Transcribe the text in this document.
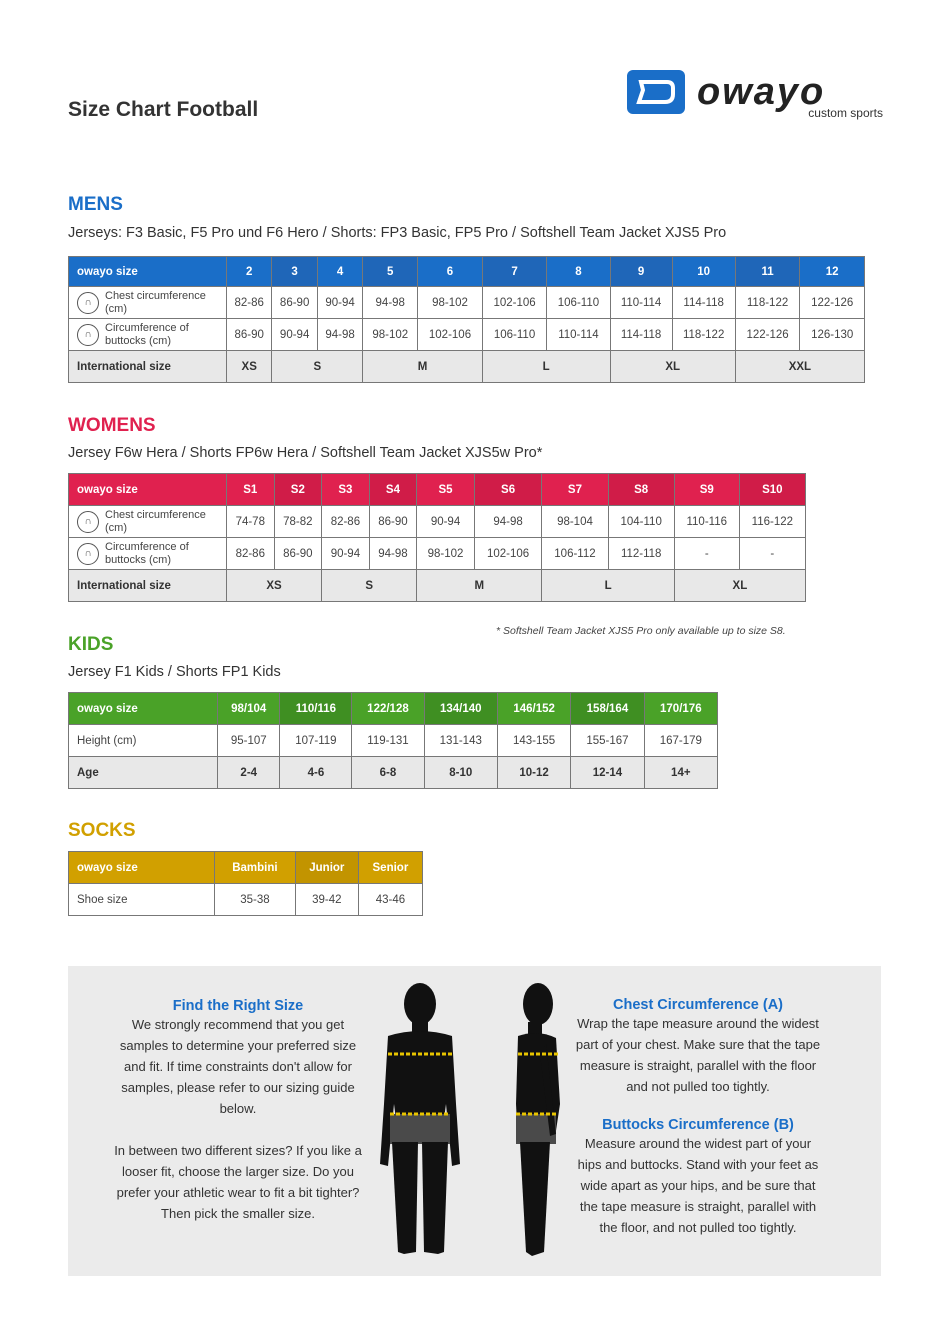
Size Chart Football	owayo
custom sports
MENS
Jerseys: F3 Basic, F5 Pro und F6 Hero / Shorts: FP3 Basic, FP5 Pro / Softshell Team Jacket XJS5 Pro
owayo size	2	3	4	5	6	7	8	9	10	11	12

∩
Chest circumference (cm)	82-86	86-90	90-94	94-98	98-102	102-106	106-110	110-114	114-118	118-122	122-126

∩
Circumference of buttocks (cm)	86-90	90-94	94-98	98-102	102-106	106-110	110-114	114-118	118-122	122-126	126-130
International size	XS	S		M		L		XL		XXL	
WOMENS
Jersey F6w Hera / Shorts FP6w Hera / Softshell Team Jacket XJS5w Pro*
owayo size	S1	S2	S3	S4	S5	S6	S7	S8	S9	S10

∩
Chest circumference (cm)	74-78	78-82	82-86	86-90	90-94	94-98	98-104	104-110	110-116	116-122

∩
Circumference of buttocks (cm)	82-86	86-90	90-94	94-98	98-102	102-106	106-112	112-118	-	-
International size	XS		S		M		L		XL	
* Softshell Team Jacket XJS5 Pro only available up to size S8.
KIDS
Jersey F1 Kids / Shorts FP1 Kids
owayo size	98/104	110/116	122/128	134/140	146/152	158/164	170/176
Height (cm)	95-107	107-119	119-131	131-143	143-155	155-167	167-179
Age	2-4	4-6	6-8	8-10	10-12	12-14	14+
SOCKS
owayo size	Bambini	Junior	Senior
Shoe size	35-38	39-42	43-46
Find the Right Size
We strongly recommend that you get samples to determine your preferred size and fit. If time constraints don't allow for samples, please refer to our sizing guide below.
In between two different sizes? If you like a looser fit, choose the larger size. Do you prefer your athletic wear to fit a bit tighter? Then pick the smaller size.
Chest Circumference (A)
Wrap the tape measure around the widest part of your chest. Make sure that the tape measure is straight, parallel with the floor and not pulled too tightly.
Buttocks Circumference (B)
Measure around the widest part of your hips and buttocks. Stand with your feet as wide apart as your hips, and be sure that the tape measure is straight, parallel with the floor, and not pulled too tightly.
